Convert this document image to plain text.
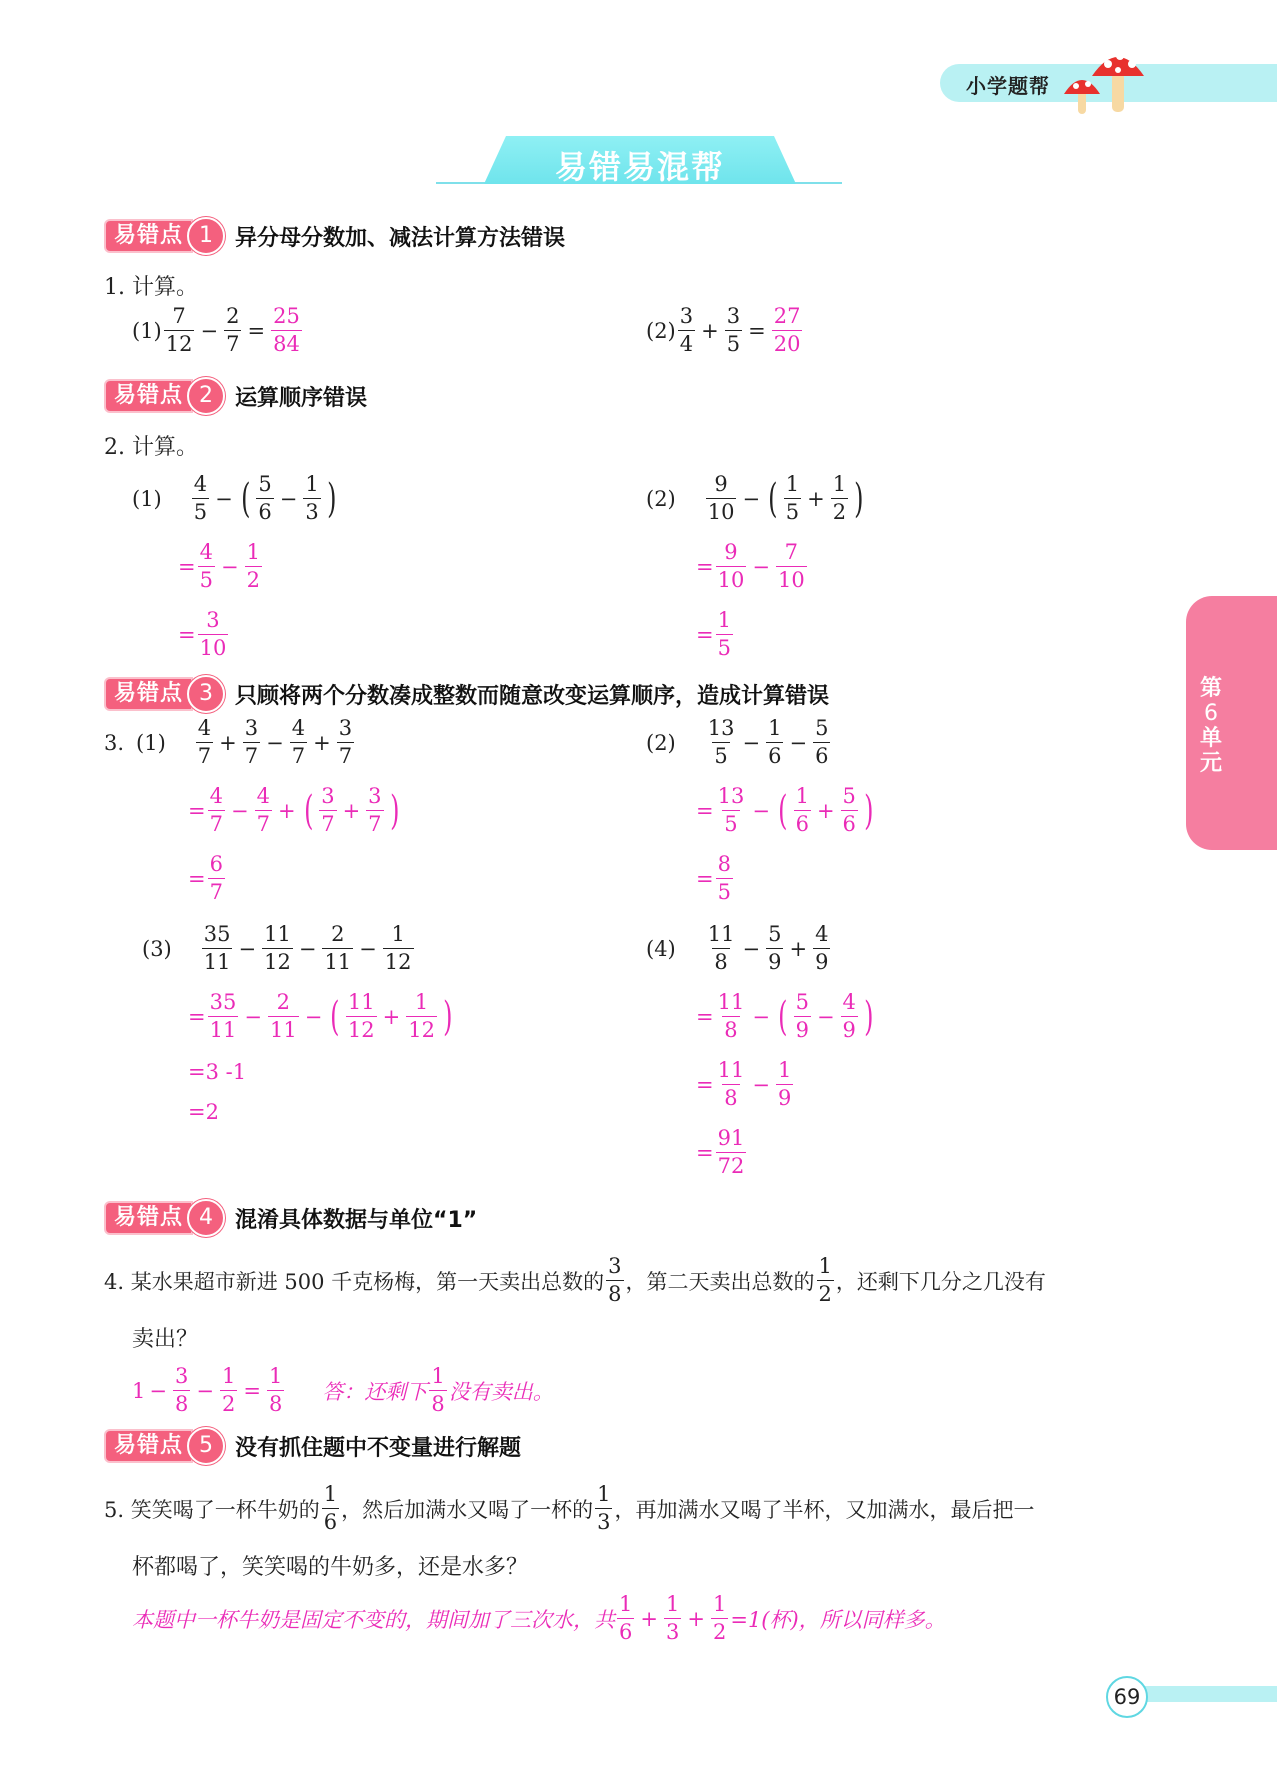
小学题帮
易错易混帮
易错点 1	异分母分数加、减法计算方法错误
1. 计算。
$(1) \frac{7}{12} - \frac{2}{7} = \frac{25}{84}$	$(2) \frac{3}{4} + \frac{3}{5} = \frac{27}{20}$
易错点 2	运算顺序错误
2. 计算。
$(1) \frac{4}{5}$ − ( $\frac{5}{6} - \frac{1}{3}$ )
= $\frac{4}{5} - \frac{1}{2}$
= $\frac{3}{10}$
$(2) \frac{9}{10}$ − ( $\frac{1}{5} + \frac{1}{2}$ )
= $\frac{9}{10} - \frac{7}{10}$
= $\frac{1}{5}$
易错点 3	只顾将两个分数凑成整数而随意改变运算顺序，造成计算错误
3. $(1) \frac{4}{7} + \frac{3}{7} - \frac{4}{7} + \frac{3}{7}$
= $\frac{4}{7} - \frac{4}{7}$ + ( $\frac{3}{7} + \frac{3}{7}$ )
= $\frac{6}{7}$
$(2) \frac{13}{5} - \frac{1}{6} - \frac{5}{6}$
= $\frac{13}{5}$ − ( $\frac{1}{6} + \frac{5}{6}$ )
= $\frac{8}{5}$
$(3) \frac{35}{11} - \frac{11}{12} - \frac{2}{11} - \frac{1}{12}$
= $\frac{35}{11} - \frac{2}{11}$ − ( $\frac{11}{12} + \frac{1}{12}$ )
=3 -1
=2
$(4) \frac{11}{8} - \frac{5}{9} + \frac{4}{9}$
= $\frac{11}{8}$ − ( $\frac{5}{9} - \frac{4}{9}$ )
= $\frac{11}{8} - \frac{1}{9}$
= $\frac{91}{72}$
易错点 4	混淆具体数据与单位“1”
4. 某水果超市新进 500 千克杨梅，第一天卖出总数的 $\frac{3}{8}$ ，第二天卖出总数的 $\frac{1}{2}$ ，还剩下几分之几没有
卖出？
$1 - \frac{3}{8} - \frac{1}{2} = \frac{1}{8}$ 答：还剩下 $\frac{1}{8}$ 没有卖出。
易错点 5	没有抓住题中不变量进行解题
5. 笑笑喝了一杯牛奶的 $\frac{1}{6}$ ，然后加满水又喝了一杯的 $\frac{1}{3}$ ，再加满水又喝了半杯，又加满水，最后把一
杯都喝了，笑笑喝的牛奶多，还是水多？
本题中一杯牛奶是固定不变的，期间加了三次水，共 $\frac{1}{6} + \frac{1}{3} + \frac{1}{2} =1$(杯)，所以同样多。
第
6
单
元
69
